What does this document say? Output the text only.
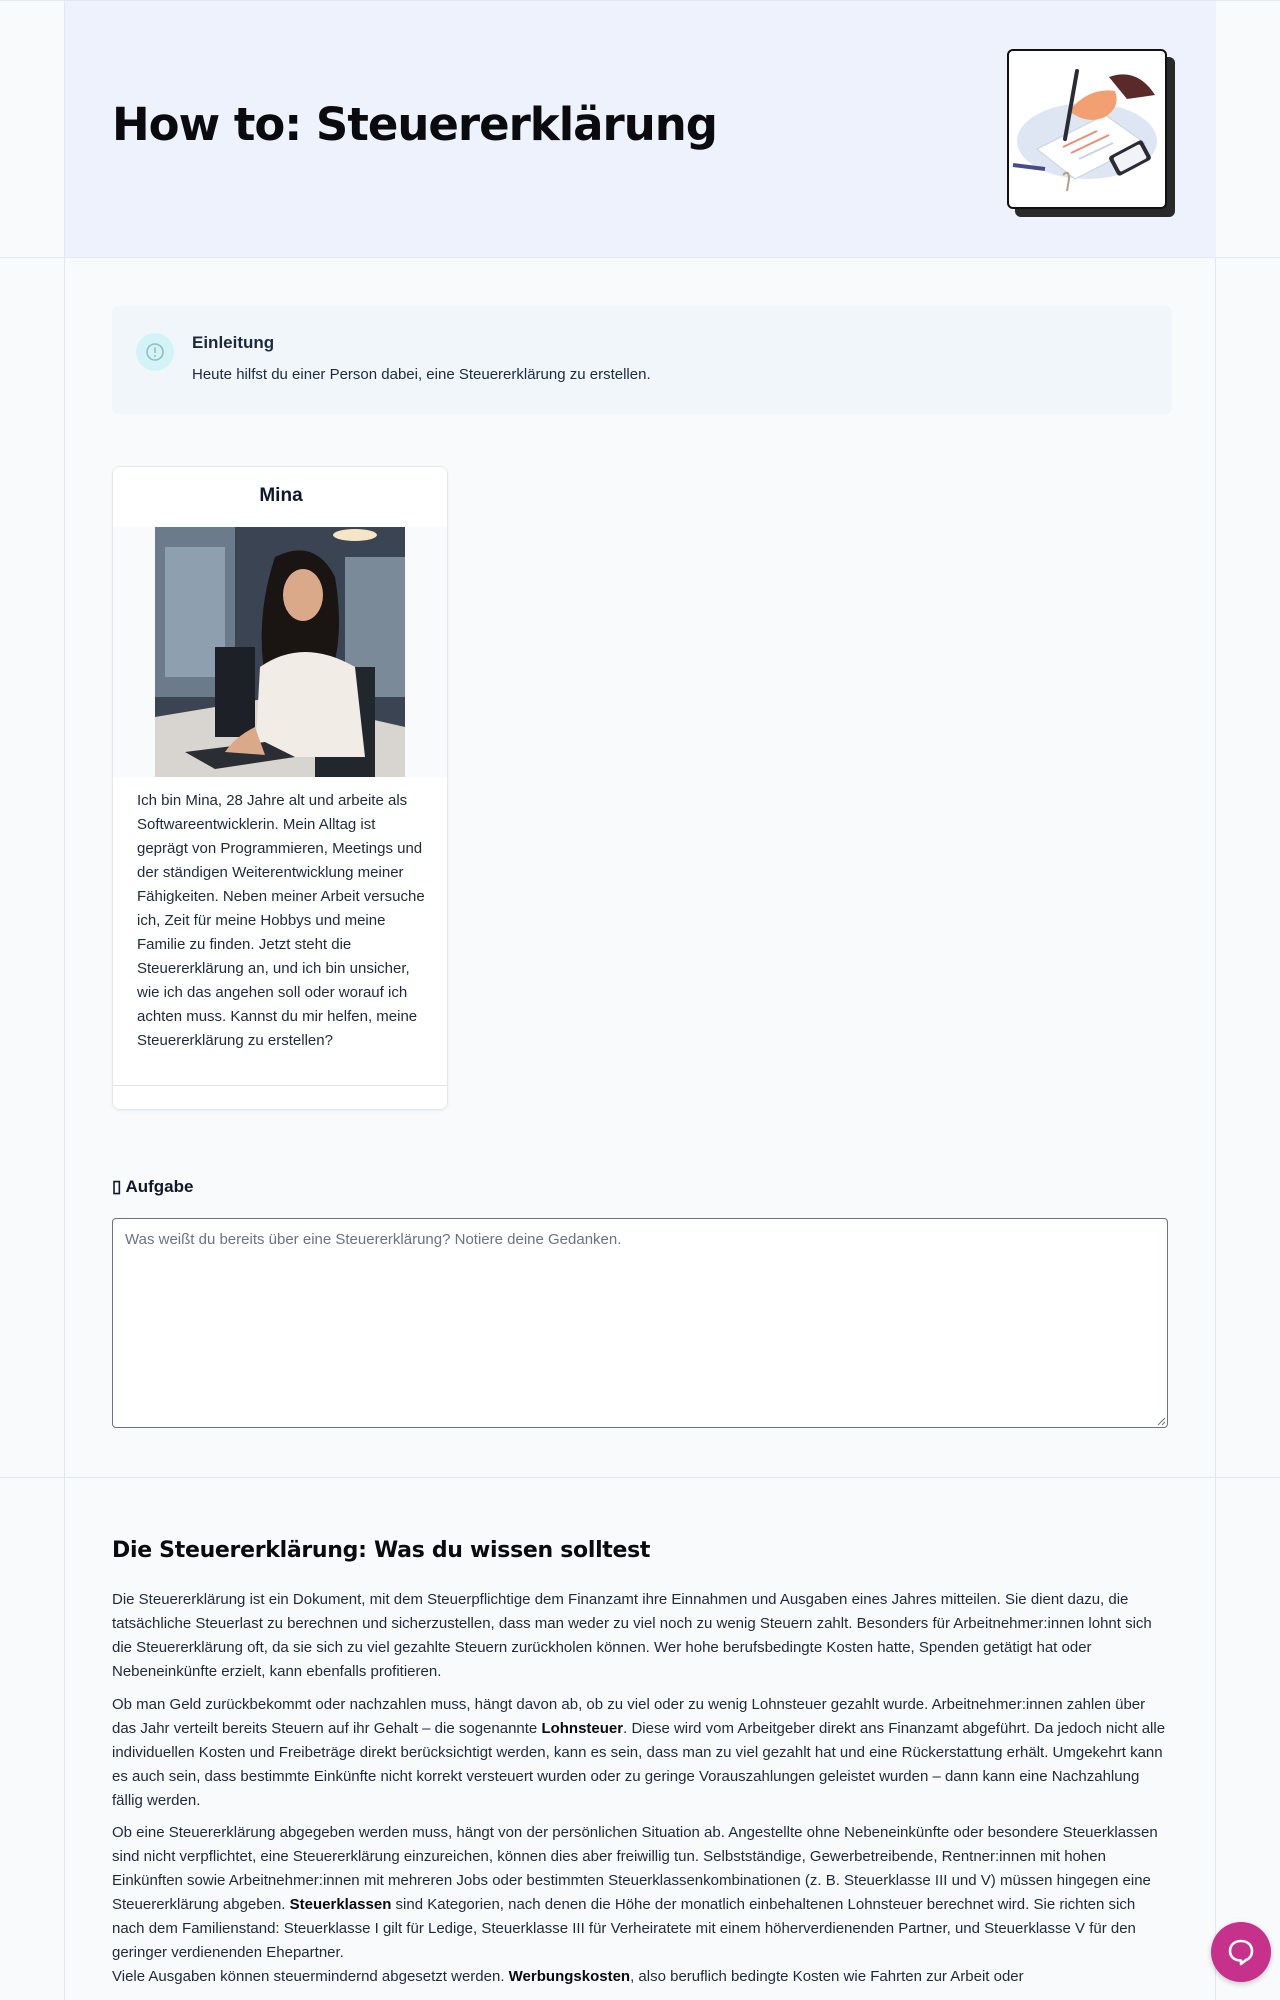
How to: Steuererklärung
Einleitung
Heute hilfst du einer Person dabei, eine Steuererklärung zu erstellen.
Mina

Ich bin Mina, 28 Jahre alt und arbeite als Softwareentwicklerin. Mein Alltag ist geprägt von Programmieren, Meetings und der ständigen Weiterentwicklung meiner Fähigkeiten. Neben meiner Arbeit versuche ich, Zeit für meine Hobbys und meine Familie zu finden. Jetzt steht die Steuererklärung an, und ich bin unsicher, wie ich das angehen soll oder worauf ich achten muss. Kannst du mir helfen, meine Steuererklärung zu erstellen?

▯ Aufgabe
Was weißt du bereits über eine Steuererklärung? Notiere deine Gedanken.
Die Steuererklärung: Was du wissen solltest

Die Steuererklärung ist ein Dokument, mit dem Steuerpflichtige dem Finanzamt ihre Einnahmen und Ausgaben eines Jahres mitteilen. Sie dient dazu, die tatsächliche Steuerlast zu berechnen und sicherzustellen, dass man weder zu viel noch zu wenig Steuern zahlt. Besonders für Arbeitnehmer:innen lohnt sich die Steuererklärung oft, da sie sich zu viel gezahlte Steuern zurückholen können. Wer hohe berufsbedingte Kosten hatte, Spenden getätigt hat oder Nebeneinkünfte erzielt, kann ebenfalls profitieren.

Ob man Geld zurückbekommt oder nachzahlen muss, hängt davon ab, ob zu viel oder zu wenig Lohnsteuer gezahlt wurde. Arbeitnehmer:innen zahlen über das Jahr verteilt bereits Steuern auf ihr Gehalt – die sogenannte Lohnsteuer. Diese wird vom Arbeitgeber direkt ans Finanzamt abgeführt. Da jedoch nicht alle individuellen Kosten und Freibeträge direkt berücksichtigt werden, kann es sein, dass man zu viel gezahlt hat und eine Rückerstattung erhält. Umgekehrt kann es auch sein, dass bestimmte Einkünfte nicht korrekt versteuert wurden oder zu geringe Vorauszahlungen geleistet wurden – dann kann eine Nachzahlung fällig werden.

Ob eine Steuererklärung abgegeben werden muss, hängt von der persönlichen Situation ab. Angestellte ohne Nebeneinkünfte oder besondere Steuerklassen sind nicht verpflichtet, eine Steuererklärung einzureichen, können dies aber freiwillig tun. Selbstständige, Gewerbetreibende, Rentner:innen mit hohen Einkünften sowie Arbeitnehmer:innen mit mehreren Jobs oder bestimmten Steuerklassenkombinationen (z. B. Steuerklasse III und V) müssen hingegen eine Steuererklärung abgeben. Steuerklassen sind Kategorien, nach denen die Höhe der monatlich einbehaltenen Lohnsteuer berechnet wird. Sie richten sich nach dem Familienstand: Steuerklasse I gilt für Ledige, Steuerklasse III für Verheiratete mit einem höherverdienenden Partner, und Steuerklasse V für den geringer verdienenden Ehepartner.

Viele Ausgaben können steuermindernd abgesetzt werden. Werbungskosten, also beruflich bedingte Kosten wie Fahrten zur Arbeit oder
